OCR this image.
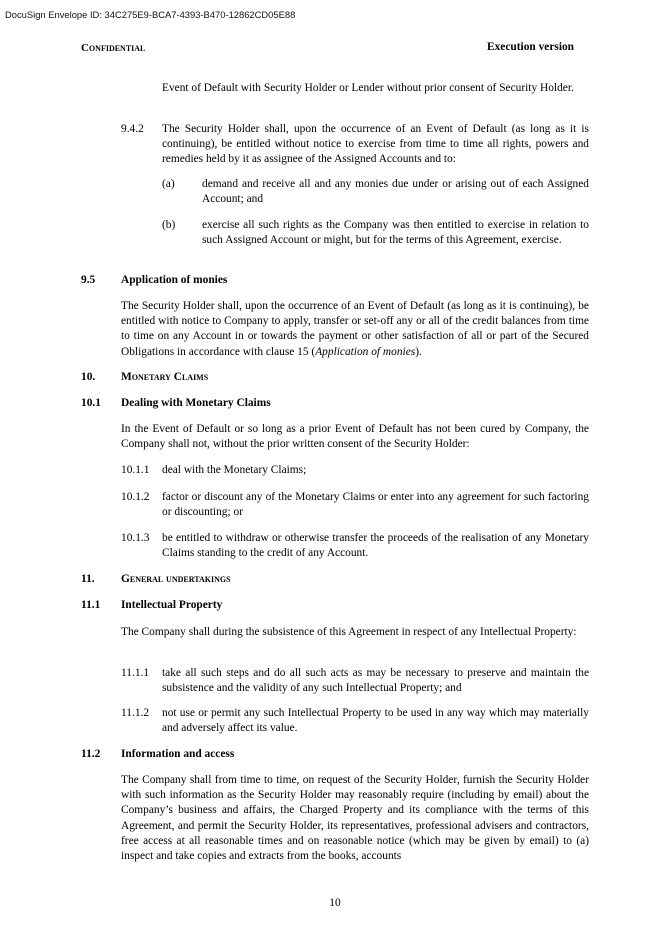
DocuSign Envelope ID: 34C275E9-BCA7-4393-B470-12862CD05E88
Confidential	Execution version
Event of Default with Security Holder or Lender without prior consent of Security Holder.
9.4.2 The Security Holder shall, upon the occurrence of an Event of Default (as long as it is continuing), be entitled without notice to exercise from time to time all rights, powers and remedies held by it as assignee of the Assigned Accounts and to:
(a) demand and receive all and any monies due under or arising out of each Assigned Account; and
(b) exercise all such rights as the Company was then entitled to exercise in relation to such Assigned Account or might, but for the terms of this Agreement, exercise.
9.5 Application of monies
The Security Holder shall, upon the occurrence of an Event of Default (as long as it is continuing), be entitled with notice to Company to apply, transfer or set-off any or all of the credit balances from time to time on any Account in or towards the payment or other satisfaction of all or part of the Secured Obligations in accordance with clause 15 (Application of monies).
10. Monetary Claims
10.1 Dealing with Monetary Claims
In the Event of Default or so long as a prior Event of Default has not been cured by Company, the Company shall not, without the prior written consent of the Security Holder:
10.1.1 deal with the Monetary Claims;
10.1.2 factor or discount any of the Monetary Claims or enter into any agreement for such factoring or discounting; or
10.1.3 be entitled to withdraw or otherwise transfer the proceeds of the realisation of any Monetary Claims standing to the credit of any Account.
11. General undertakings
11.1 Intellectual Property
The Company shall during the subsistence of this Agreement in respect of any Intellectual Property:
11.1.1 take all such steps and do all such acts as may be necessary to preserve and maintain the subsistence and the validity of any such Intellectual Property; and
11.1.2 not use or permit any such Intellectual Property to be used in any way which may materially and adversely affect its value.
11.2 Information and access
The Company shall from time to time, on request of the Security Holder, furnish the Security Holder with such information as the Security Holder may reasonably require (including by email) about the Company’s business and affairs, the Charged Property and its compliance with the terms of this Agreement, and permit the Security Holder, its representatives, professional advisers and contractors, free access at all reasonable times and on reasonable notice (which may be given by email) to (a) inspect and take copies and extracts from the books, accounts
10
